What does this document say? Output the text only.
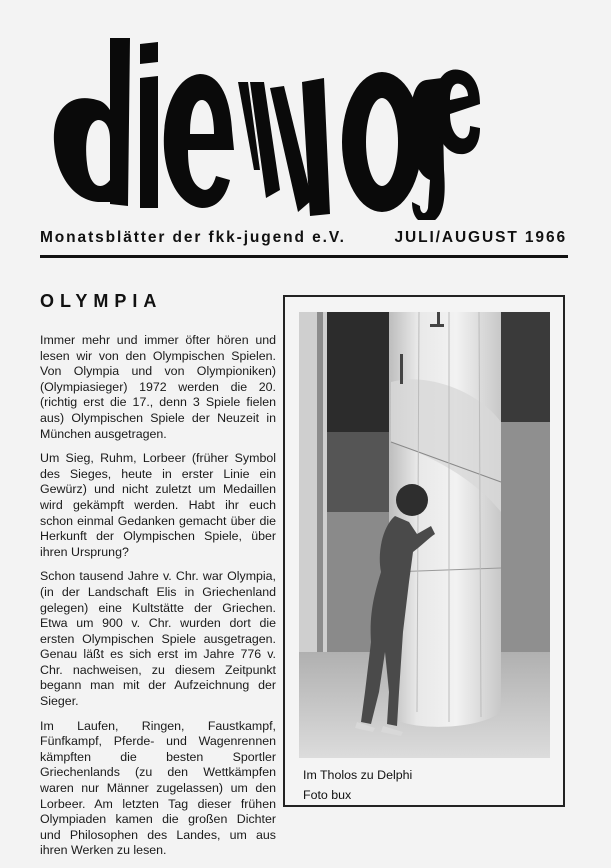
Monatsblätter der fkk-jugend e.V.	JULI/AUGUST 1966
OLYMPIA

Immer mehr und immer öfter hören und lesen wir von den Olympischen Spielen. Von Olympia und von Olympioniken) (Olympiasieger) 1972 werden die 20. (richtig erst die 17., denn 3 Spiele fielen aus) Olympischen Spiele der Neuzeit in München ausgetragen.

Um Sieg, Ruhm, Lorbeer (früher Symbol des Sieges, heute in erster Linie ein Gewürz) und nicht zuletzt um Medaillen wird gekämpft werden. Habt ihr euch schon einmal Gedanken gemacht über die Herkunft der Olympischen Spiele, über ihren Ursprung?

Schon tausend Jahre v. Chr. war Olympia, (in der Landschaft Elis in Griechenland gelegen) eine Kultstätte der Griechen. Etwa um 900 v. Chr. wurden dort die ersten Olympischen Spiele ausgetragen. Genau läßt es sich erst im Jahre 776 v. Chr. nachweisen, zu diesem Zeitpunkt begann man mit der Aufzeichnung der Sieger.

Im Laufen, Ringen, Faustkampf, Fünfkampf, Pferde- und Wagenrennen kämpften die besten Sportler Griechenlands (zu den Wettkämpfen waren nur Männer zugelassen) um den Lorbeer. Am letzten Tag dieser frühen Olympiaden kamen die großen Dichter und Philosophen des Landes, um aus ihren Werken zu lesen.

Im Tholos zu Delphi
Foto bux
